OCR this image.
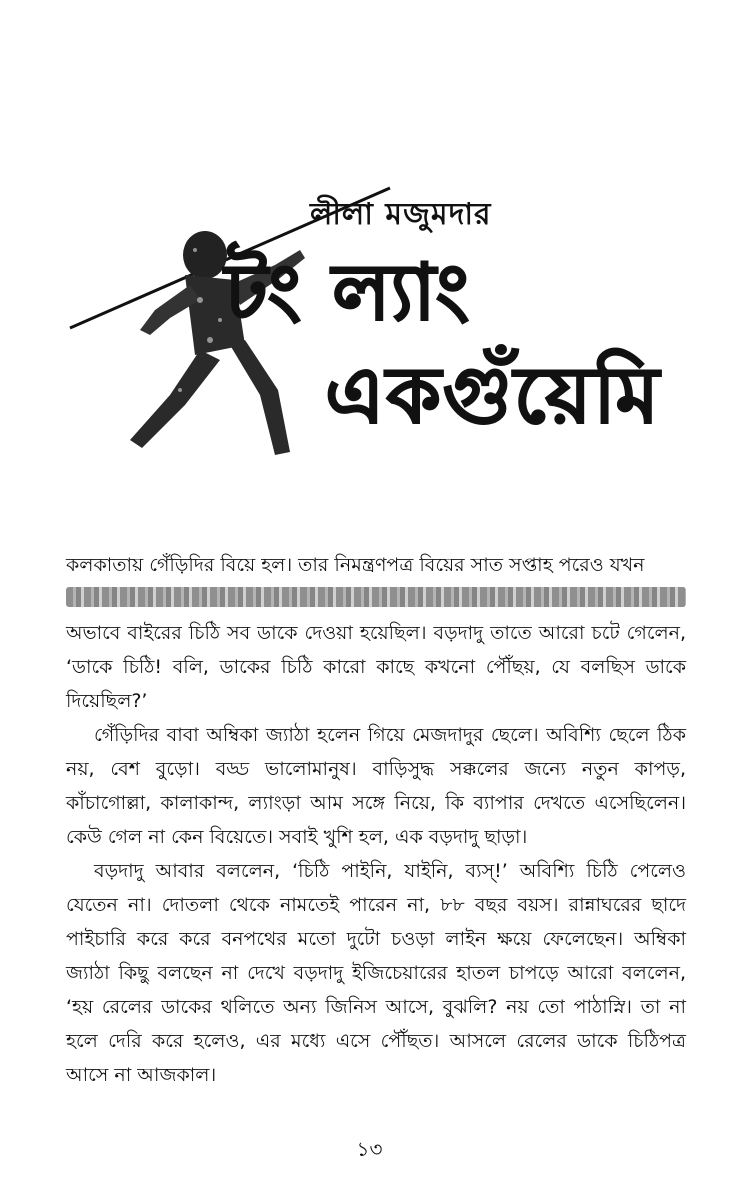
লীলা মজুমদার
টং ল্যাং
একগুঁয়েমি

কলকাতায় গেঁড়িদির বিয়ে হল। তার নিমন্ত্রণপত্র বিয়ের সাত সপ্তাহ পরেও যখন

অভাবে বাইরের চিঠি সব ডাকে দেওয়া হয়েছিল। বড়দাদু তাতে আরো চটে গেলেন, ‘ডাকে চিঠি! বলি, ডাকের চিঠি কারো কাছে কখনো পৌঁছয়, যে বলছিস ডাকে দিয়েছিল?’

গেঁড়িদির বাবা অম্বিকা জ্যাঠা হলেন গিয়ে মেজদাদুর ছেলে। অবিশ্যি ছেলে ঠিক নয়, বেশ বুড়ো। বড্ড ভালোমানুষ। বাড়িসুদ্ধ সক্কলের জন্যে নতুন কাপড়, কাঁচাগোল্লা, কালাকান্দ, ল্যাংড়া আম সঙ্গে নিয়ে, কি ব্যাপার দেখতে এসেছিলেন। কেউ গেল না কেন বিয়েতে। সবাই খুশি হল, এক বড়দাদু ছাড়া।

বড়দাদু আবার বললেন, ‘চিঠি পাইনি, যাইনি, ব্যস্!’ অবিশ্যি চিঠি পেলেও যেতেন না। দোতলা থেকে নামতেই পারেন না, ৮৮ বছর বয়স। রান্নাঘরের ছাদে পাইচারি করে করে বনপথের মতো দুটো চওড়া লাইন ক্ষয়ে ফেলেছেন। অম্বিকা জ্যাঠা কিছু বলছেন না দেখে বড়দাদু ইজিচেয়ারের হাতল চাপড়ে আরো বললেন, ‘হয় রেলের ডাকের থলিতে অন্য জিনিস আসে, বুঝলি? নয় তো পাঠাস্নি। তা না হলে দেরি করে হলেও, এর মধ্যে এসে পৌঁছত। আসলে রেলের ডাকে চিঠিপত্র আসে না আজকাল।

১৩
